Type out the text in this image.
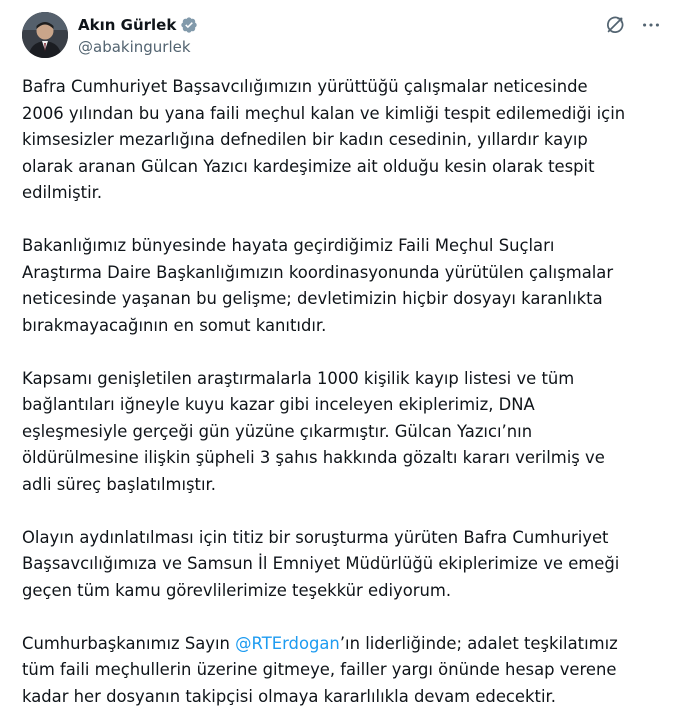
Akın Gürlek
@abakingurlek

Bafra Cumhuriyet Başsavcılığımızın yürüttüğü çalışmalar neticesinde
2006 yılından bu yana faili meçhul kalan ve kimliği tespit edilemediği için
kimsesizler mezarlığına defnedilen bir kadın cesedinin, yıllardır kayıp
olarak aranan Gülcan Yazıcı kardeşimize ait olduğu kesin olarak tespit
edilmiştir.

Bakanlığımız bünyesinde hayata geçirdiğimiz Faili Meçhul Suçları
Araştırma Daire Başkanlığımızın koordinasyonunda yürütülen çalışmalar
neticesinde yaşanan bu gelişme; devletimizin hiçbir dosyayı karanlıkta
bırakmayacağının en somut kanıtıdır.

Kapsamı genişletilen araştırmalarla 1000 kişilik kayıp listesi ve tüm
bağlantıları iğneyle kuyu kazar gibi inceleyen ekiplerimiz, DNA
eşleşmesiyle gerçeği gün yüzüne çıkarmıştır. Gülcan Yazıcı’nın
öldürülmesine ilişkin şüpheli 3 şahıs hakkında gözaltı kararı verilmiş ve
adli süreç başlatılmıştır.

Olayın aydınlatılması için titiz bir soruşturma yürüten Bafra Cumhuriyet
Başsavcılığımıza ve Samsun İl Emniyet Müdürlüğü ekiplerimize ve emeği
geçen tüm kamu görevlilerimize teşekkür ediyorum.

Cumhurbaşkanımız Sayın @RTErdogan’ın liderliğinde; adalet teşkilatımız
tüm faili meçhullerin üzerine gitmeye, failler yargı önünde hesap verene
kadar her dosyanın takipçisi olmaya kararlılıkla devam edecektir.
